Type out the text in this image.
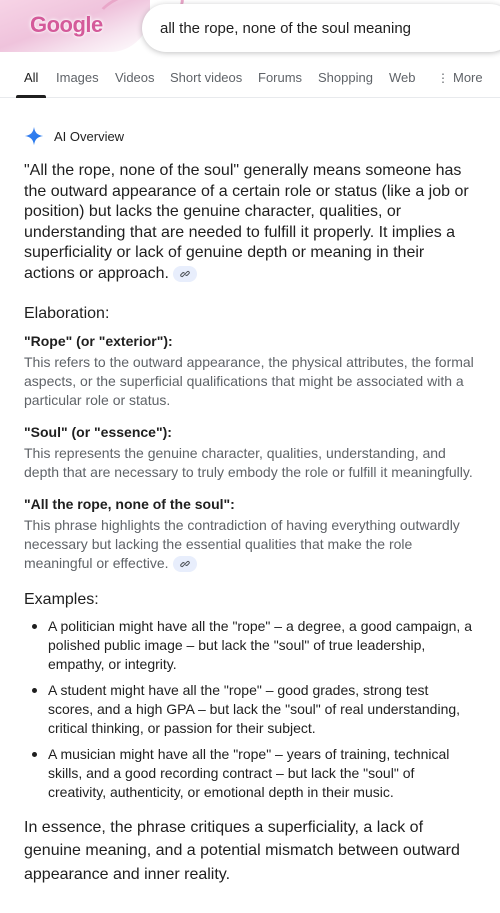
Google	all the rope, none of the soul meaning
All Images Videos Short videos Forums Shopping Web ⋮ More
AI Overview

"All the rope, none of the soul" generally means someone has the outward appearance of a certain role or status (like a job or position) but lacks the genuine character, qualities, or understanding that are needed to fulfill it properly. It implies a superficiality or lack of genuine depth or meaning in their actions or approach.

Elaboration:
"Rope" (or "exterior"):

This refers to the outward appearance, the physical attributes, the formal aspects, or the superficial qualifications that might be associated with a particular role or status.

"Soul" (or "essence"):

This represents the genuine character, qualities, understanding, and depth that are necessary to truly embody the role or fulfill it meaningfully.

"All the rope, none of the soul":

This phrase highlights the contradiction of having everything outwardly necessary but lacking the essential qualities that make the role meaningful or effective.

Examples:
A politician might have all the "rope" – a degree, a good campaign, a polished public image – but lack the "soul" of true leadership, empathy, or integrity.
A student might have all the "rope" – good grades, strong test scores, and a high GPA – but lack the "soul" of real understanding, critical thinking, or passion for their subject.
A musician might have all the "rope" – years of training, technical skills, and a good recording contract – but lack the "soul" of creativity, authenticity, or emotional depth in their music.

In essence, the phrase critiques a superficiality, a lack of genuine meaning, and a potential mismatch between outward appearance and inner reality.
